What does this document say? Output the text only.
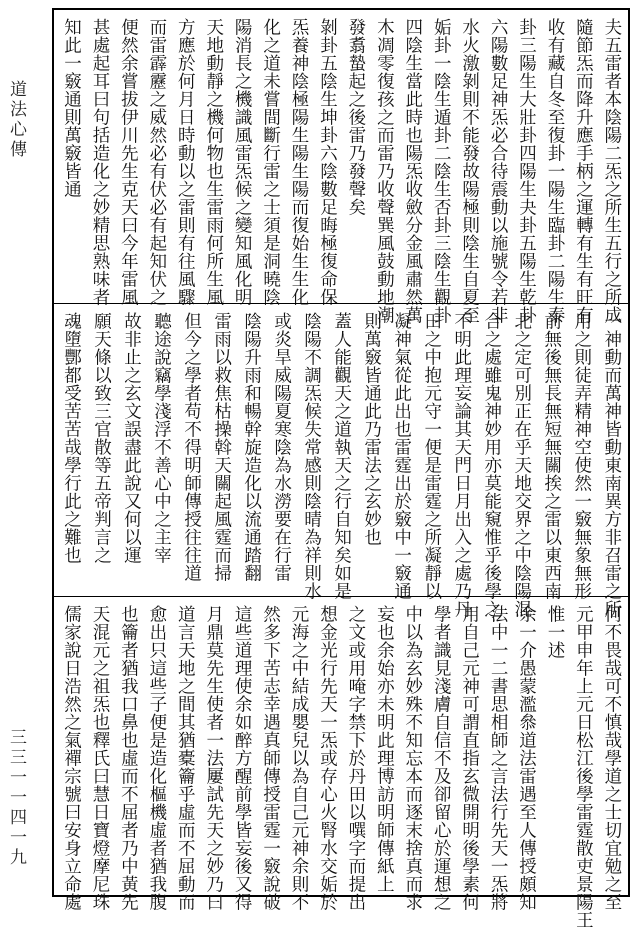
道法心傳
三三一一四一九
夫五雷者本陰陽二炁之所生五行之所成
隨節炁而降升應手柄之運轉有生有旺有
收有藏自冬至復卦一陽生臨卦二陽生泰
卦三陽生大壯卦四陽生夬卦五陽生乾卦
六陽數足神炁必合待震動以施號令若非
水火激剝則不能發故陽極則陰生自夏至
姤卦一陰生遁卦二陰生否卦三陰生觀卦
四陰生當此時也陽炁收斂分金風肅然萬
木凋零復孩之而雷乃收聲巽風鼓動地潮
發翥蟄起之後雷乃發聲矣
剝卦五陰生坤卦六陰數足晦極復命保
炁養神陰極陽生陽生陽而復始生生化
化之道未嘗間斷行雷之士須是洞曉陰
陽消長之機識風雷炁候之變知風化明
天地動靜之機何物也生雷雨何所生風
方應於何月日時動以之雷則有往風驟
而雷霹靂之威然必有伏必有起知伏之
便然余嘗拔伊川先生克天曰今年雷風
甚處起耳曰句括造化之妙精思熟味者
知此一竅通則萬竅皆通
一神動而萬神皆動東南異方非召雷之所
用之則徒弄精神空使然一竅無象無形
前無後無長無短無關挨之雷以東西南
北之定可別正在乎天地交界之中陰陽混
合之處雖鬼神妙用亦莫能窺惟乎後學之
不明此理妄論其天門日月出入之處乃丹
田之中抱元守一便是雷霆之所凝靜以
凝神氣從此出也雷霆出於竅中一竅通
則萬竅皆通此乃雷法之玄妙也
蓋人能觀天之道執天之行自知矣如是
陰陽不調炁候失常感則陰晴為祥則水
或炎旱威陽夏寒陰為水澇要在行雷
陰陽升雨和暢幹旋造化以流通踏翻
雷雨以救焦枯操斡天關起風霆而掃
但今之學者苟不得明師傳授往往道
聽途說竊學淺浮不善心中之主宰
故非止之玄文誤盡此說又何以運
願天條以致三官散等五帝判言之
魂墮酆都受苦苦哉學行此之難也
何不畏哉可不慎哉學道之士切宜勉之至
元甲申年上元日松江後學雷霆散吏景陽王
惟一述
余一介愚蒙濫叅道法雷遇至人傳授頗知
法中一二書思相師之言法行先天一炁將
用自己元神可謂直指玄微開明後學素何
學者識見淺膚自信不及卻留心於運想之
中以為玄妙殊不知忘本而逐末捨真而求
妄也余始亦未明此理博訪明師傳紙上
之文或用唵字禁下於丹田以噀字而提出
想金光行先天一炁或存心火腎水交姤於
元海之中結成嬰兒以為自己元神余則不
然多下苦志幸遇真師傳授雷霆一竅說破
這些道理使余如醉方醒前學皆妄後又得
月鼎莫先生使者一法屢試先天之妙乃曰
道言天地之間其猶橐籥乎虛而不屈動而
愈出只這些子便是造化樞機虛者猶我腹
也籥者猶我口鼻也虛而不屈者乃中黃先
天混元之祖炁也釋氏曰慧日寶燈摩尼珠
儒家說日浩然之氣禪宗號曰安身立命處
